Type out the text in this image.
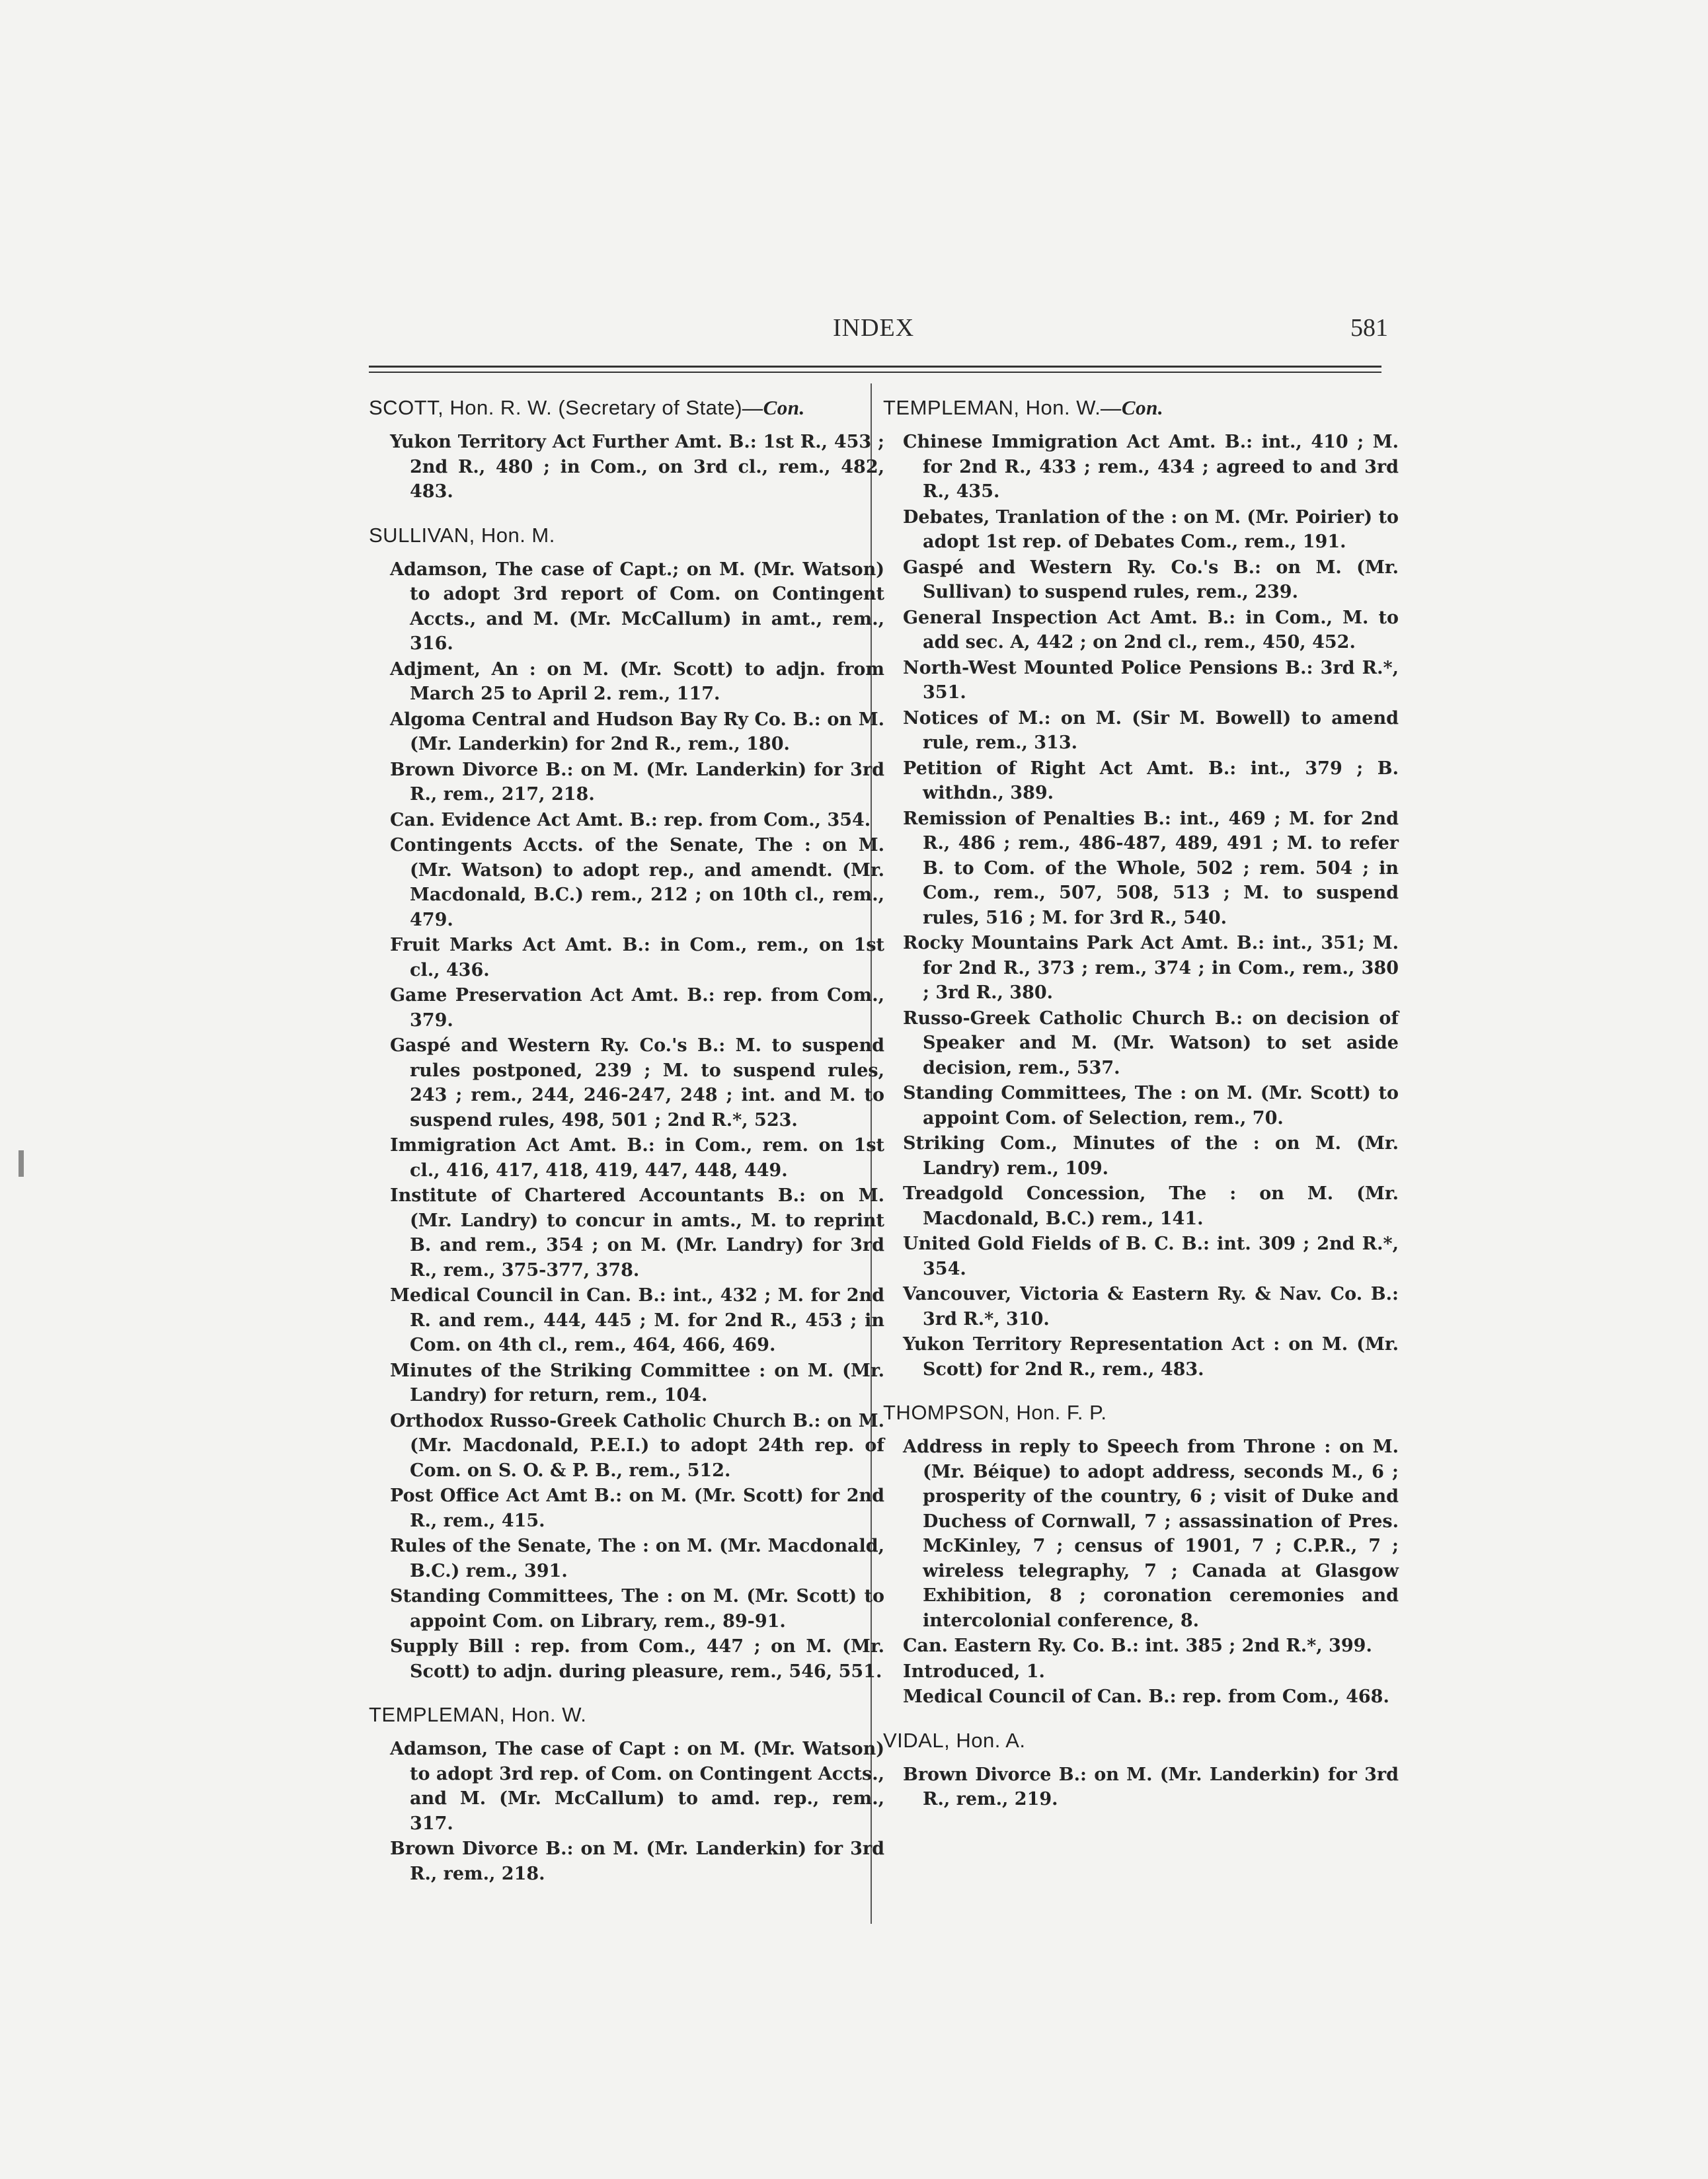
INDEX	581
SCOTT, Hon. R. W. (Secretary of State)—Con.
Yukon Territory Act Further Amt. B.: 1st R., 453 ; 2nd R., 480 ; in Com., on 3rd cl., rem., 482, 483.
SULLIVAN, Hon. M.
Adamson, The case of Capt.; on M. (Mr. Watson) to adopt 3rd report of Com. on Contingent Accts., and M. (Mr. McCallum) in amt., rem., 316.
Adjment, An : on M. (Mr. Scott) to adjn. from March 25 to April 2. rem., 117.
Algoma Central and Hudson Bay Ry Co. B.: on M. (Mr. Landerkin) for 2nd R., rem., 180.
Brown Divorce B.: on M. (Mr. Landerkin) for 3rd R., rem., 217, 218.
Can. Evidence Act Amt. B.: rep. from Com., 354.
Contingents Accts. of the Senate, The : on M. (Mr. Watson) to adopt rep., and amendt. (Mr. Macdonald, B.C.) rem., 212 ; on 10th cl., rem., 479.
Fruit Marks Act Amt. B.: in Com., rem., on 1st cl., 436.
Game Preservation Act Amt. B.: rep. from Com., 379.
Gaspé and Western Ry. Co.'s B.: M. to suspend rules postponed, 239 ; M. to suspend rules, 243 ; rem., 244, 246-247, 248 ; int. and M. to suspend rules, 498, 501 ; 2nd R.*, 523.
Immigration Act Amt. B.: in Com., rem. on 1st cl., 416, 417, 418, 419, 447, 448, 449.
Institute of Chartered Accountants B.: on M. (Mr. Landry) to concur in amts., M. to reprint B. and rem., 354 ; on M. (Mr. Landry) for 3rd R., rem., 375-377, 378.
Medical Council in Can. B.: int., 432 ; M. for 2nd R. and rem., 444, 445 ; M. for 2nd R., 453 ; in Com. on 4th cl., rem., 464, 466, 469.
Minutes of the Striking Committee : on M. (Mr. Landry) for return, rem., 104.
Orthodox Russo-Greek Catholic Church B.: on M. (Mr. Macdonald, P.E.I.) to adopt 24th rep. of Com. on S. O. & P. B., rem., 512.
Post Office Act Amt B.: on M. (Mr. Scott) for 2nd R., rem., 415.
Rules of the Senate, The : on M. (Mr. Macdonald, B.C.) rem., 391.
Standing Committees, The : on M. (Mr. Scott) to appoint Com. on Library, rem., 89-91.
Supply Bill : rep. from Com., 447 ; on M. (Mr. Scott) to adjn. during pleasure, rem., 546, 551.
TEMPLEMAN, Hon. W.
Adamson, The case of Capt : on M. (Mr. Watson) to adopt 3rd rep. of Com. on Contingent Accts., and M. (Mr. McCallum) to amd. rep., rem., 317.
Brown Divorce B.: on M. (Mr. Landerkin) for 3rd R., rem., 218.
TEMPLEMAN, Hon. W.—Con.
Chinese Immigration Act Amt. B.: int., 410 ; M. for 2nd R., 433 ; rem., 434 ; agreed to and 3rd R., 435.
Debates, Tranlation of the : on M. (Mr. Poirier) to adopt 1st rep. of Debates Com., rem., 191.
Gaspé and Western Ry. Co.'s B.: on M. (Mr. Sullivan) to suspend rules, rem., 239.
General Inspection Act Amt. B.: in Com., M. to add sec. A, 442 ; on 2nd cl., rem., 450, 452.
North-West Mounted Police Pensions B.: 3rd R.*, 351.
Notices of M.: on M. (Sir M. Bowell) to amend rule, rem., 313.
Petition of Right Act Amt. B.: int., 379 ; B. withdn., 389.
Remission of Penalties B.: int., 469 ; M. for 2nd R., 486 ; rem., 486-487, 489, 491 ; M. to refer B. to Com. of the Whole, 502 ; rem. 504 ; in Com., rem., 507, 508, 513 ; M. to suspend rules, 516 ; M. for 3rd R., 540.
Rocky Mountains Park Act Amt. B.: int., 351; M. for 2nd R., 373 ; rem., 374 ; in Com., rem., 380 ; 3rd R., 380.
Russo-Greek Catholic Church B.: on decision of Speaker and M. (Mr. Watson) to set aside decision, rem., 537.
Standing Committees, The : on M. (Mr. Scott) to appoint Com. of Selection, rem., 70.
Striking Com., Minutes of the : on M. (Mr. Landry) rem., 109.
Treadgold Concession, The : on M. (Mr. Macdonald, B.C.) rem., 141.
United Gold Fields of B. C. B.: int. 309 ; 2nd R.*, 354.
Vancouver, Victoria & Eastern Ry. & Nav. Co. B.: 3rd R.*, 310.
Yukon Territory Representation Act : on M. (Mr. Scott) for 2nd R., rem., 483.
THOMPSON, Hon. F. P.
Address in reply to Speech from Throne : on M. (Mr. Béique) to adopt address, seconds M., 6 ; prosperity of the country, 6 ; visit of Duke and Duchess of Cornwall, 7 ; assassination of Pres. McKinley, 7 ; census of 1901, 7 ; C.P.R., 7 ; wireless telegraphy, 7 ; Canada at Glasgow Exhibition, 8 ; coronation ceremonies and intercolonial conference, 8.
Can. Eastern Ry. Co. B.: int. 385 ; 2nd R.*, 399.
Introduced, 1.
Medical Council of Can. B.: rep. from Com., 468.
VIDAL, Hon. A.
Brown Divorce B.: on M. (Mr. Landerkin) for 3rd R., rem., 219.
